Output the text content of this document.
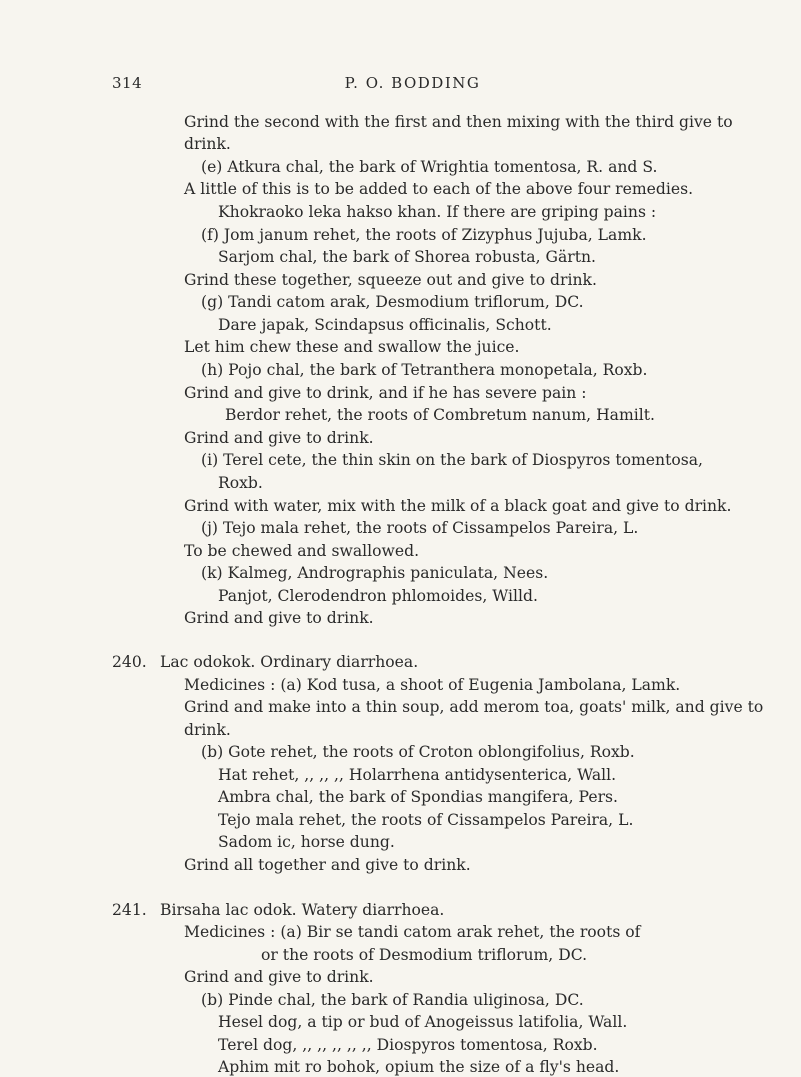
314	P. O. BODDING
Grind the second with the first and then mixing with the third give to
drink.
(e) Atkura chal, the bark of Wrightia tomentosa, R. and S.
A little of this is to be added to each of the above four remedies.
Khokraoko leka hakso khan. If there are griping pains :
(f) Jom janum rehet, the roots of Zizyphus Jujuba, Lamk.
Sarjom chal, the bark of Shorea robusta, Gärtn.
Grind these together, squeeze out and give to drink.
(g) Tandi catom arak, Desmodium triflorum, DC.
Dare japak, Scindapsus officinalis, Schott.
Let him chew these and swallow the juice.
(h) Pojo chal, the bark of Tetranthera monopetala, Roxb.
Grind and give to drink, and if he has severe pain :
Berdor rehet, the roots of Combretum nanum, Hamilt.
Grind and give to drink.
(i) Terel cete, the thin skin on the bark of Diospyros tomentosa,
Roxb.
Grind with water, mix with the milk of a black goat and give to drink.
(j) Tejo mala rehet, the roots of Cissampelos Pareira, L.
To be chewed and swallowed.
(k) Kalmeg, Andrographis paniculata, Nees.
Panjot, Clerodendron phlomoides, Willd.
Grind and give to drink.
240. Lac odokok. Ordinary diarrhoea.
Medicines : (a) Kod tusa, a shoot of Eugenia Jambolana, Lamk.
Grind and make into a thin soup, add merom toa, goats' milk, and give to
drink.
(b) Gote rehet, the roots of Croton oblongifolius, Roxb.
Hat rehet, ,, ,, ,, Holarrhena antidysenterica, Wall.
Ambra chal, the bark of Spondias mangifera, Pers.
Tejo mala rehet, the roots of Cissampelos Pareira, L.
Sadom ic, horse dung.
Grind all together and give to drink.
241. Birsaha lac odok. Watery diarrhoea.
Medicines : (a) Bir se tandi catom arak rehet, the roots of
or the roots of Desmodium triflorum, DC.
Grind and give to drink.
(b) Pinde chal, the bark of Randia uliginosa, DC.
Hesel dog, a tip or bud of Anogeissus latifolia, Wall.
Terel dog, ,, ,, ,, ,, ,, Diospyros tomentosa, Roxb.
Aphim mit ro bohok, opium the size of a fly's head.
